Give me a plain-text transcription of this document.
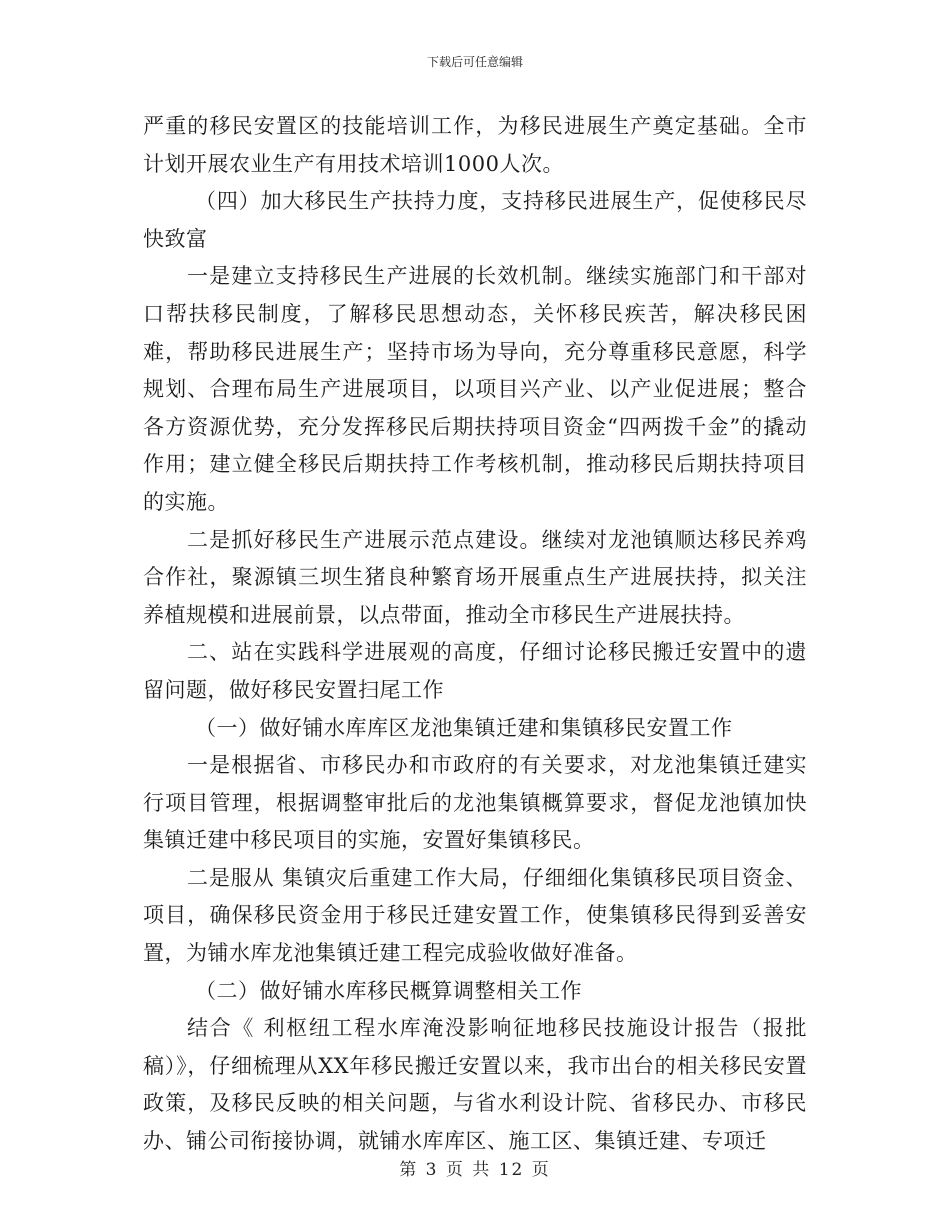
下载后可任意编辑

严重的移民安置区的技能培训工作，为移民进展生产奠定基础。全市计划开展农业生产有用技术培训1000人次。

（四）加大移民生产扶持力度，支持移民进展生产，促使移民尽快致富

一是建立支持移民生产进展的长效机制。继续实施部门和干部对口帮扶移民制度，了解移民思想动态，关怀移民疾苦，解决移民困难，帮助移民进展生产；坚持市场为导向，充分尊重移民意愿，科学规划、合理布局生产进展项目，以项目兴产业、以产业促进展；整合各方资源优势，充分发挥移民后期扶持项目资金“四两拨千金”的撬动作用；建立健全移民后期扶持工作考核机制，推动移民后期扶持项目的实施。

二是抓好移民生产进展示范点建设。继续对龙池镇顺达移民养鸡合作社，聚源镇三坝生猪良种繁育场开展重点生产进展扶持，拟关注养植规模和进展前景，以点带面，推动全市移民生产进展扶持。

二、站在实践科学进展观的高度，仔细讨论移民搬迁安置中的遗留问题，做好移民安置扫尾工作

（一）做好铺水库库区龙池集镇迁建和集镇移民安置工作

一是根据省、市移民办和市政府的有关要求，对龙池集镇迁建实行项目管理，根据调整审批后的龙池集镇概算要求，督促龙池镇加快集镇迁建中移民项目的实施，安置好集镇移民。

二是服从 集镇灾后重建工作大局，仔细细化集镇移民项目资金、项目，确保移民资金用于移民迁建安置工作，使集镇移民得到妥善安置，为铺水库龙池集镇迁建工程完成验收做好准备。

（二）做好铺水库移民概算调整相关工作

结合《 利枢纽工程水库淹没影响征地移民技施设计报告（报批稿）》，仔细梳理从XX年移民搬迁安置以来，我市出台的相关移民安置政策，及移民反映的相关问题，与省水利设计院、省移民办、市移民办、铺公司衔接协调，就铺水库库区、施工区、集镇迁建、专项迁

第 3 页 共 12 页
